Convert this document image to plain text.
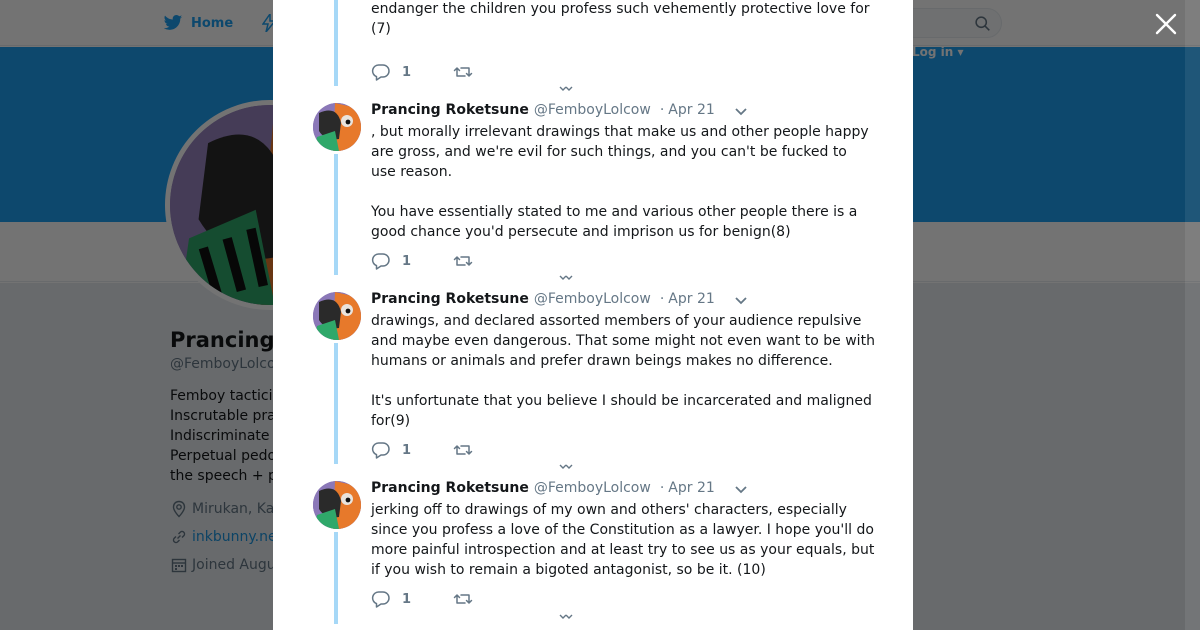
endanger the children you profess such vehemently protective love for (7)

1
Prancing Roketsune @FemboyLolcow · Apr 21

, but morally irrelevant drawings that make us and other people happy are gross, and we're evil for such things, and you can't be fucked to use reason.

You have essentially stated to me and various other people there is a good chance you'd persecute and imprison us for benign(8)

1
Prancing Roketsune @FemboyLolcow · Apr 21

drawings, and declared assorted members of your audience repulsive and maybe even dangerous. That some might not even want to be with humans or animals and prefer drawn beings makes no difference.

It's unfortunate that you believe I should be incarcerated and maligned for(9)

1
Prancing Roketsune @FemboyLolcow · Apr 21

jerking off to drawings of my own and others' characters, especially since you profess a love of the Constitution as a lawyer. I hope you'll do more painful introspection and at least try to see us as your equals, but if you wish to remain a bigoted antagonist, so be it. (10)

1
